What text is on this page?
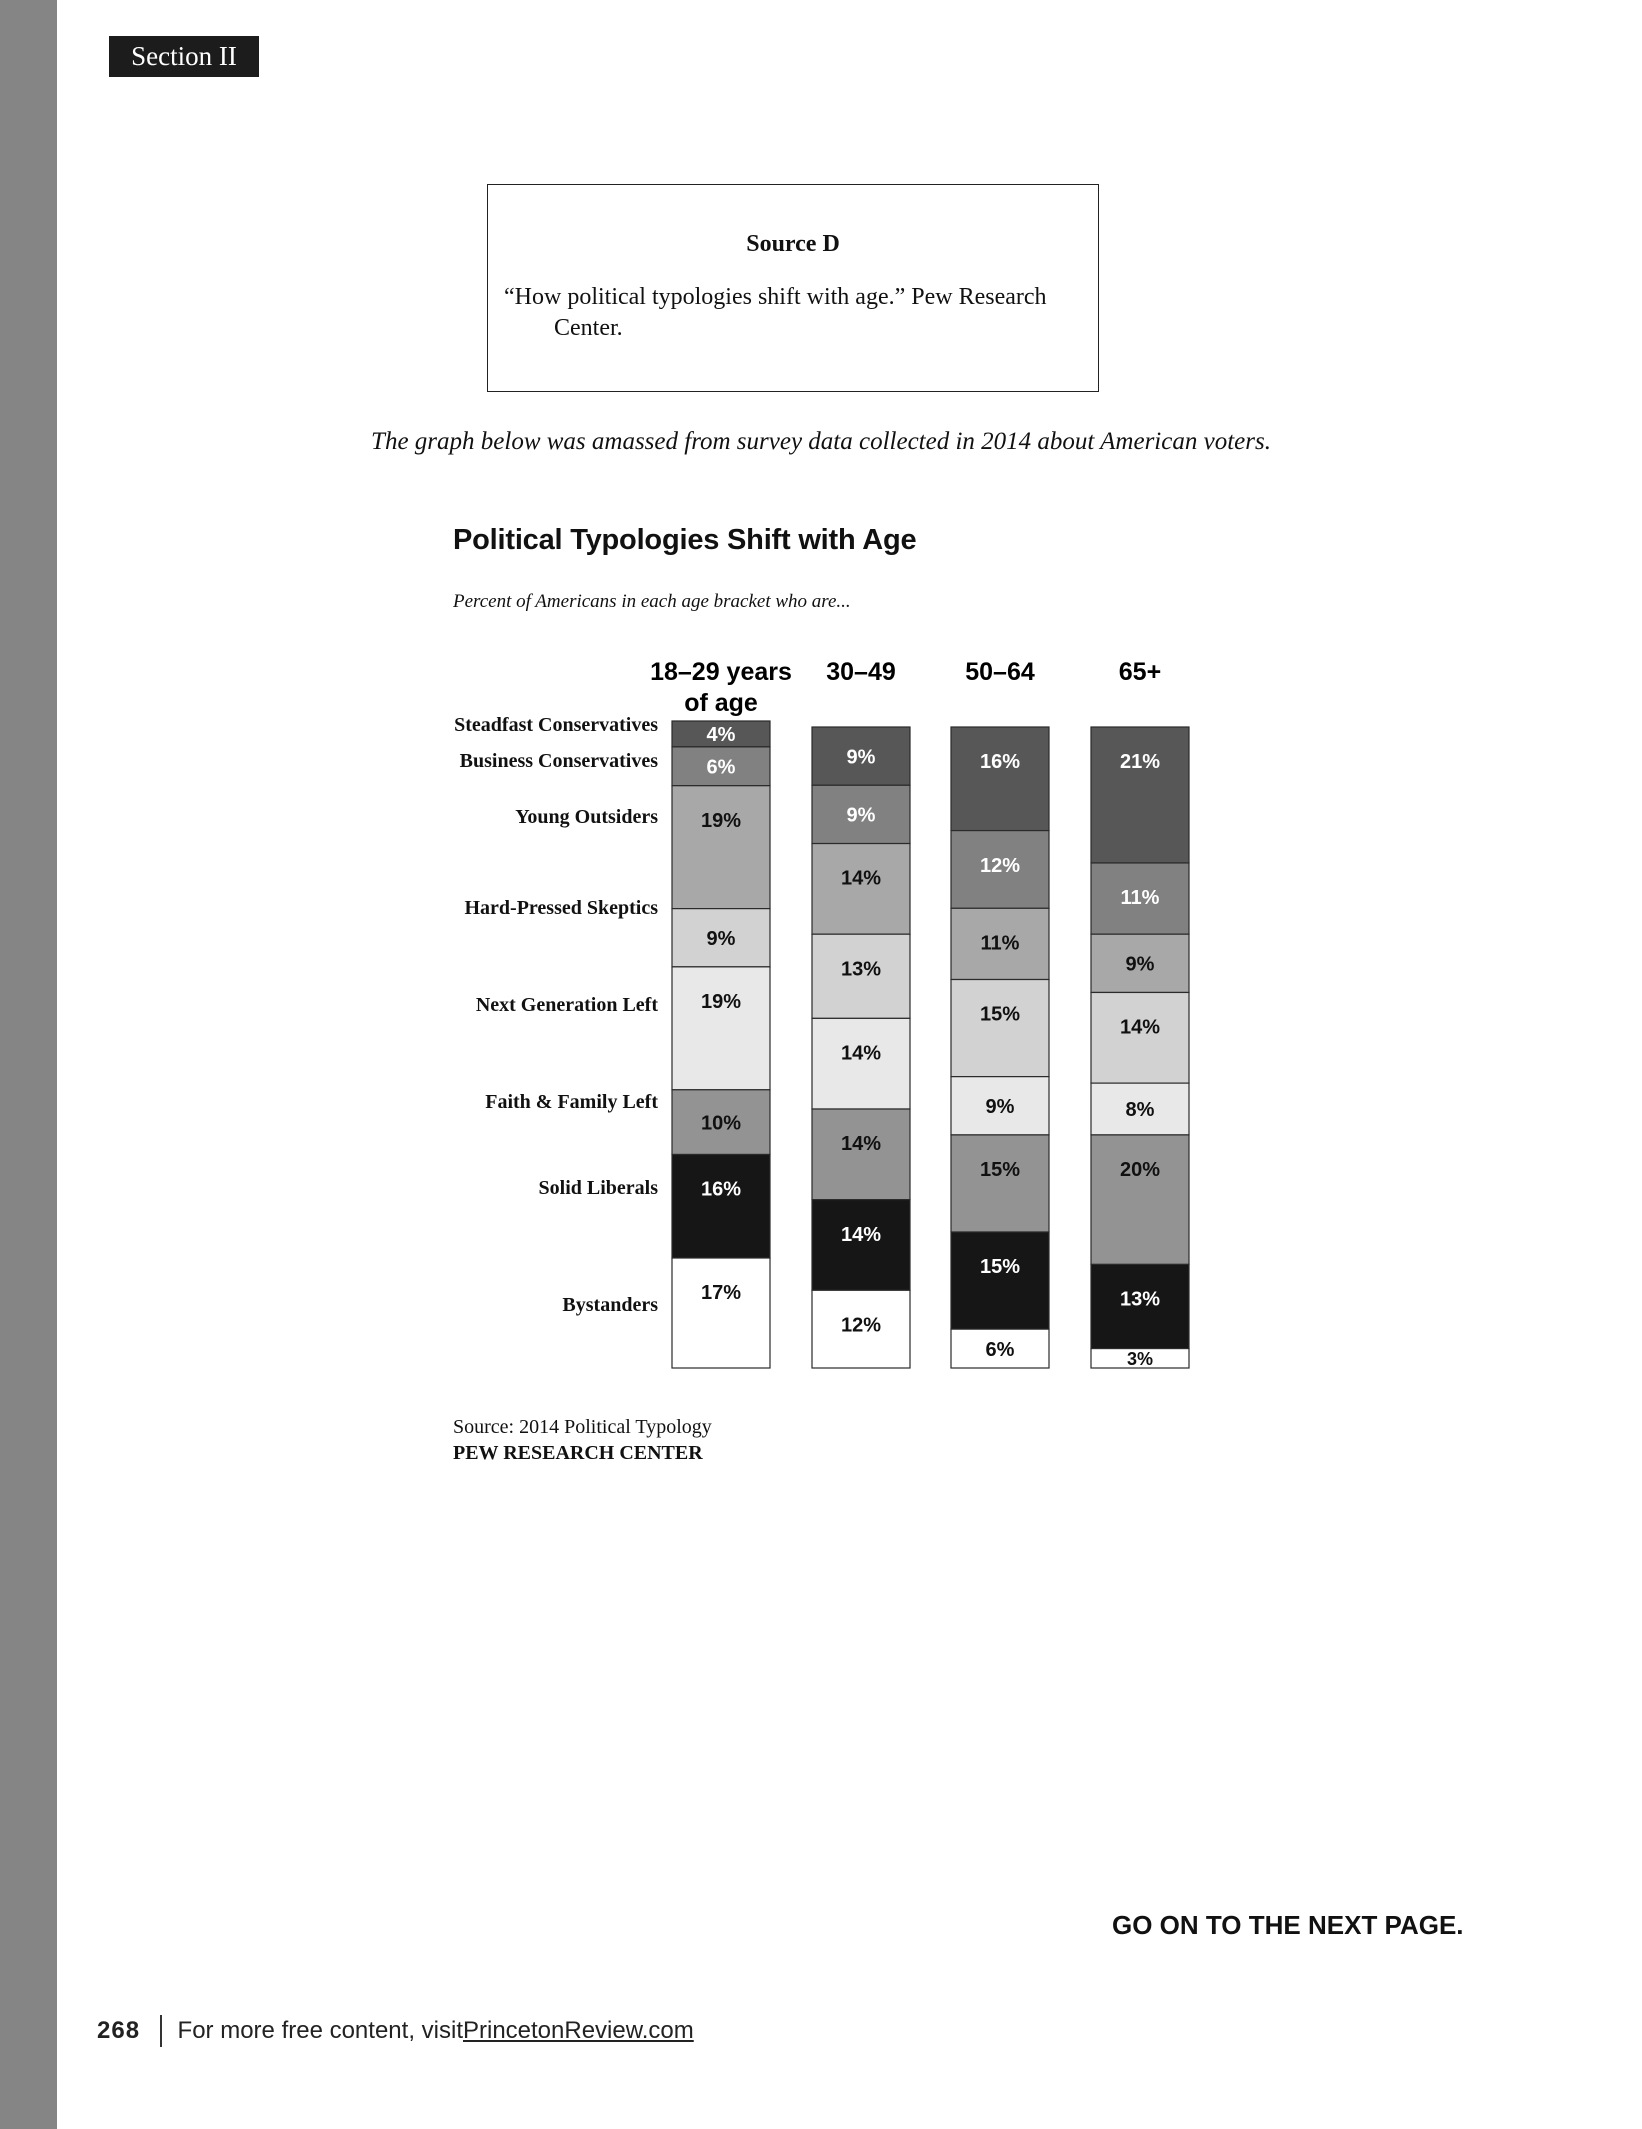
Section II
Source D
“How political typologies shift with age.” Pew Research Center.
The graph below was amassed from survey data collected in 2014 about American voters.
Political Typologies Shift with Age
Percent of Americans in each age bracket who are...
18–29 years of age
30–49	50–64	65+
4%
6%
19%
9%
19%
10%
16%
17%
9%
9%
14%
13%
14%
14%
14%
12%
16%
12%
11%
15%
9%
15%
15%
6%
21%
11%
9%
14%
8%
20%
13%
3%
Steadfast Conservatives
Business Conservatives
Young Outsiders
Hard-Pressed Skeptics
Next Generation Left
Faith & Family Left
Solid Liberals
Bystanders
Source: 2014 Political Typology
PEW RESEARCH CENTER
GO ON TO THE NEXT PAGE.
268 For more free content, visit PrincetonReview.com
